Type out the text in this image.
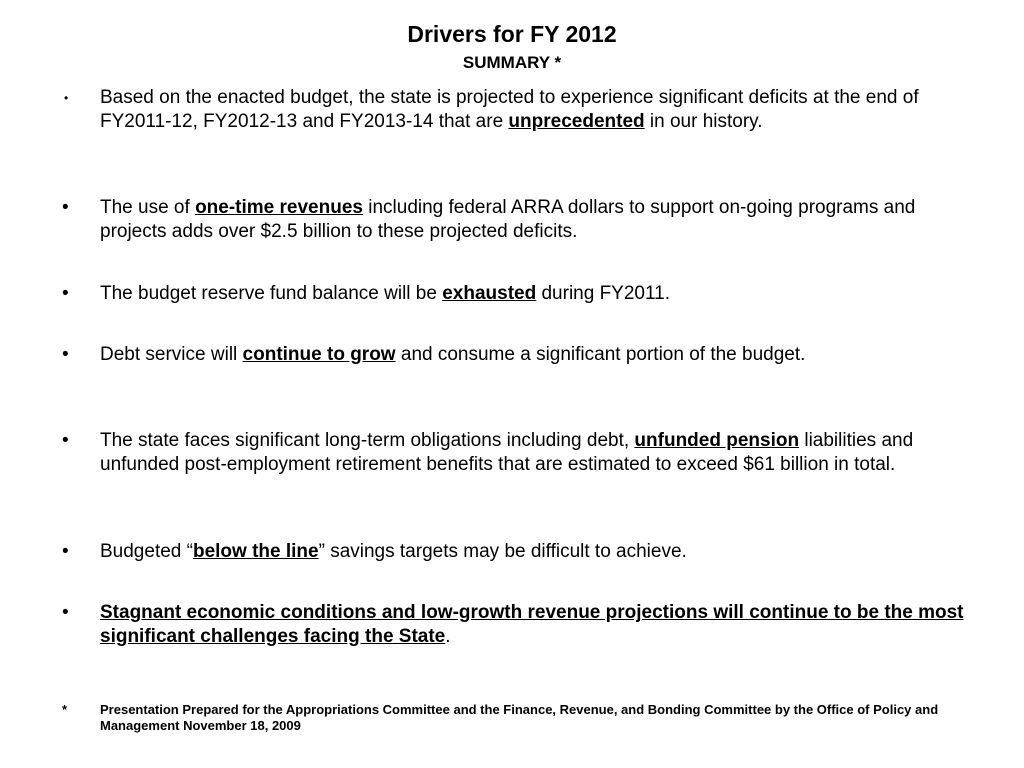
Drivers for FY 2012
SUMMARY *
• Based on the enacted budget, the state is projected to experience significant deficits at the end of FY2011-12, FY2012-13 and FY2013-14 that are unprecedented in our history.
• The use of one-time revenues including federal ARRA dollars to support on-going programs and projects adds over $2.5 billion to these projected deficits.
• The budget reserve fund balance will be exhausted during FY2011.
• Debt service will continue to grow and consume a significant portion of the budget.
• The state faces significant long-term obligations including debt, unfunded pension liabilities and unfunded post-employment retirement benefits that are estimated to exceed $61 billion in total.
• Budgeted “below the line” savings targets may be difficult to achieve.
• Stagnant economic conditions and low-growth revenue projections will continue to be the most significant challenges facing the State.
*	Presentation Prepared for the Appropriations Committee and the Finance, Revenue, and Bonding Committee by the Office of Policy and Management November 18, 2009
